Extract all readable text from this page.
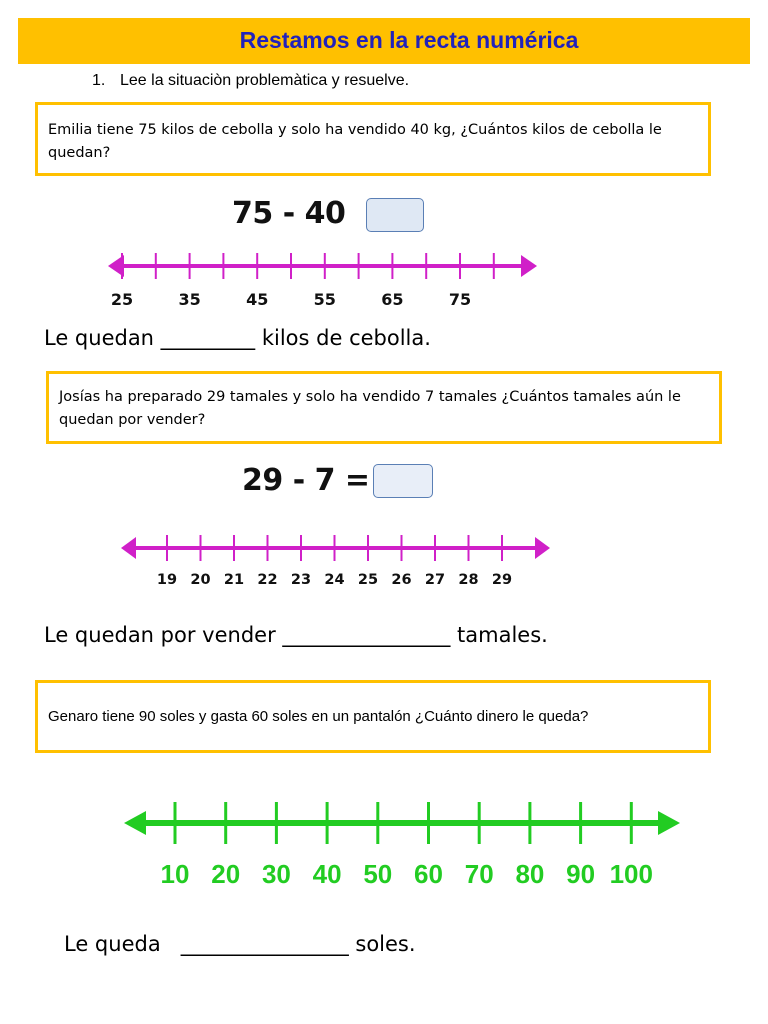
Restamos en la recta numérica
1. Lee la situaciòn problemàtica y resuelve.
Emilia tiene 75 kilos de cebolla y solo ha vendido 40 kg, ¿Cuántos kilos de cebolla le
quedan?
75 - 40
25	35	45	55	65	75
Le quedan _________ kilos de cebolla.
Josías ha preparado 29 tamales y solo ha vendido 7 tamales ¿Cuántos tamales aún le
quedan por vender?
29 - 7 =
19 20 21 22 23 24 25 26 27 28 29
Le quedan por vender ________________ tamales.
Genaro tiene 90 soles y gasta 60 soles en un pantalón ¿Cuánto dinero le queda?
10 20 30 40 50 60 70 80 90 100
Le queda   ________________ soles.
